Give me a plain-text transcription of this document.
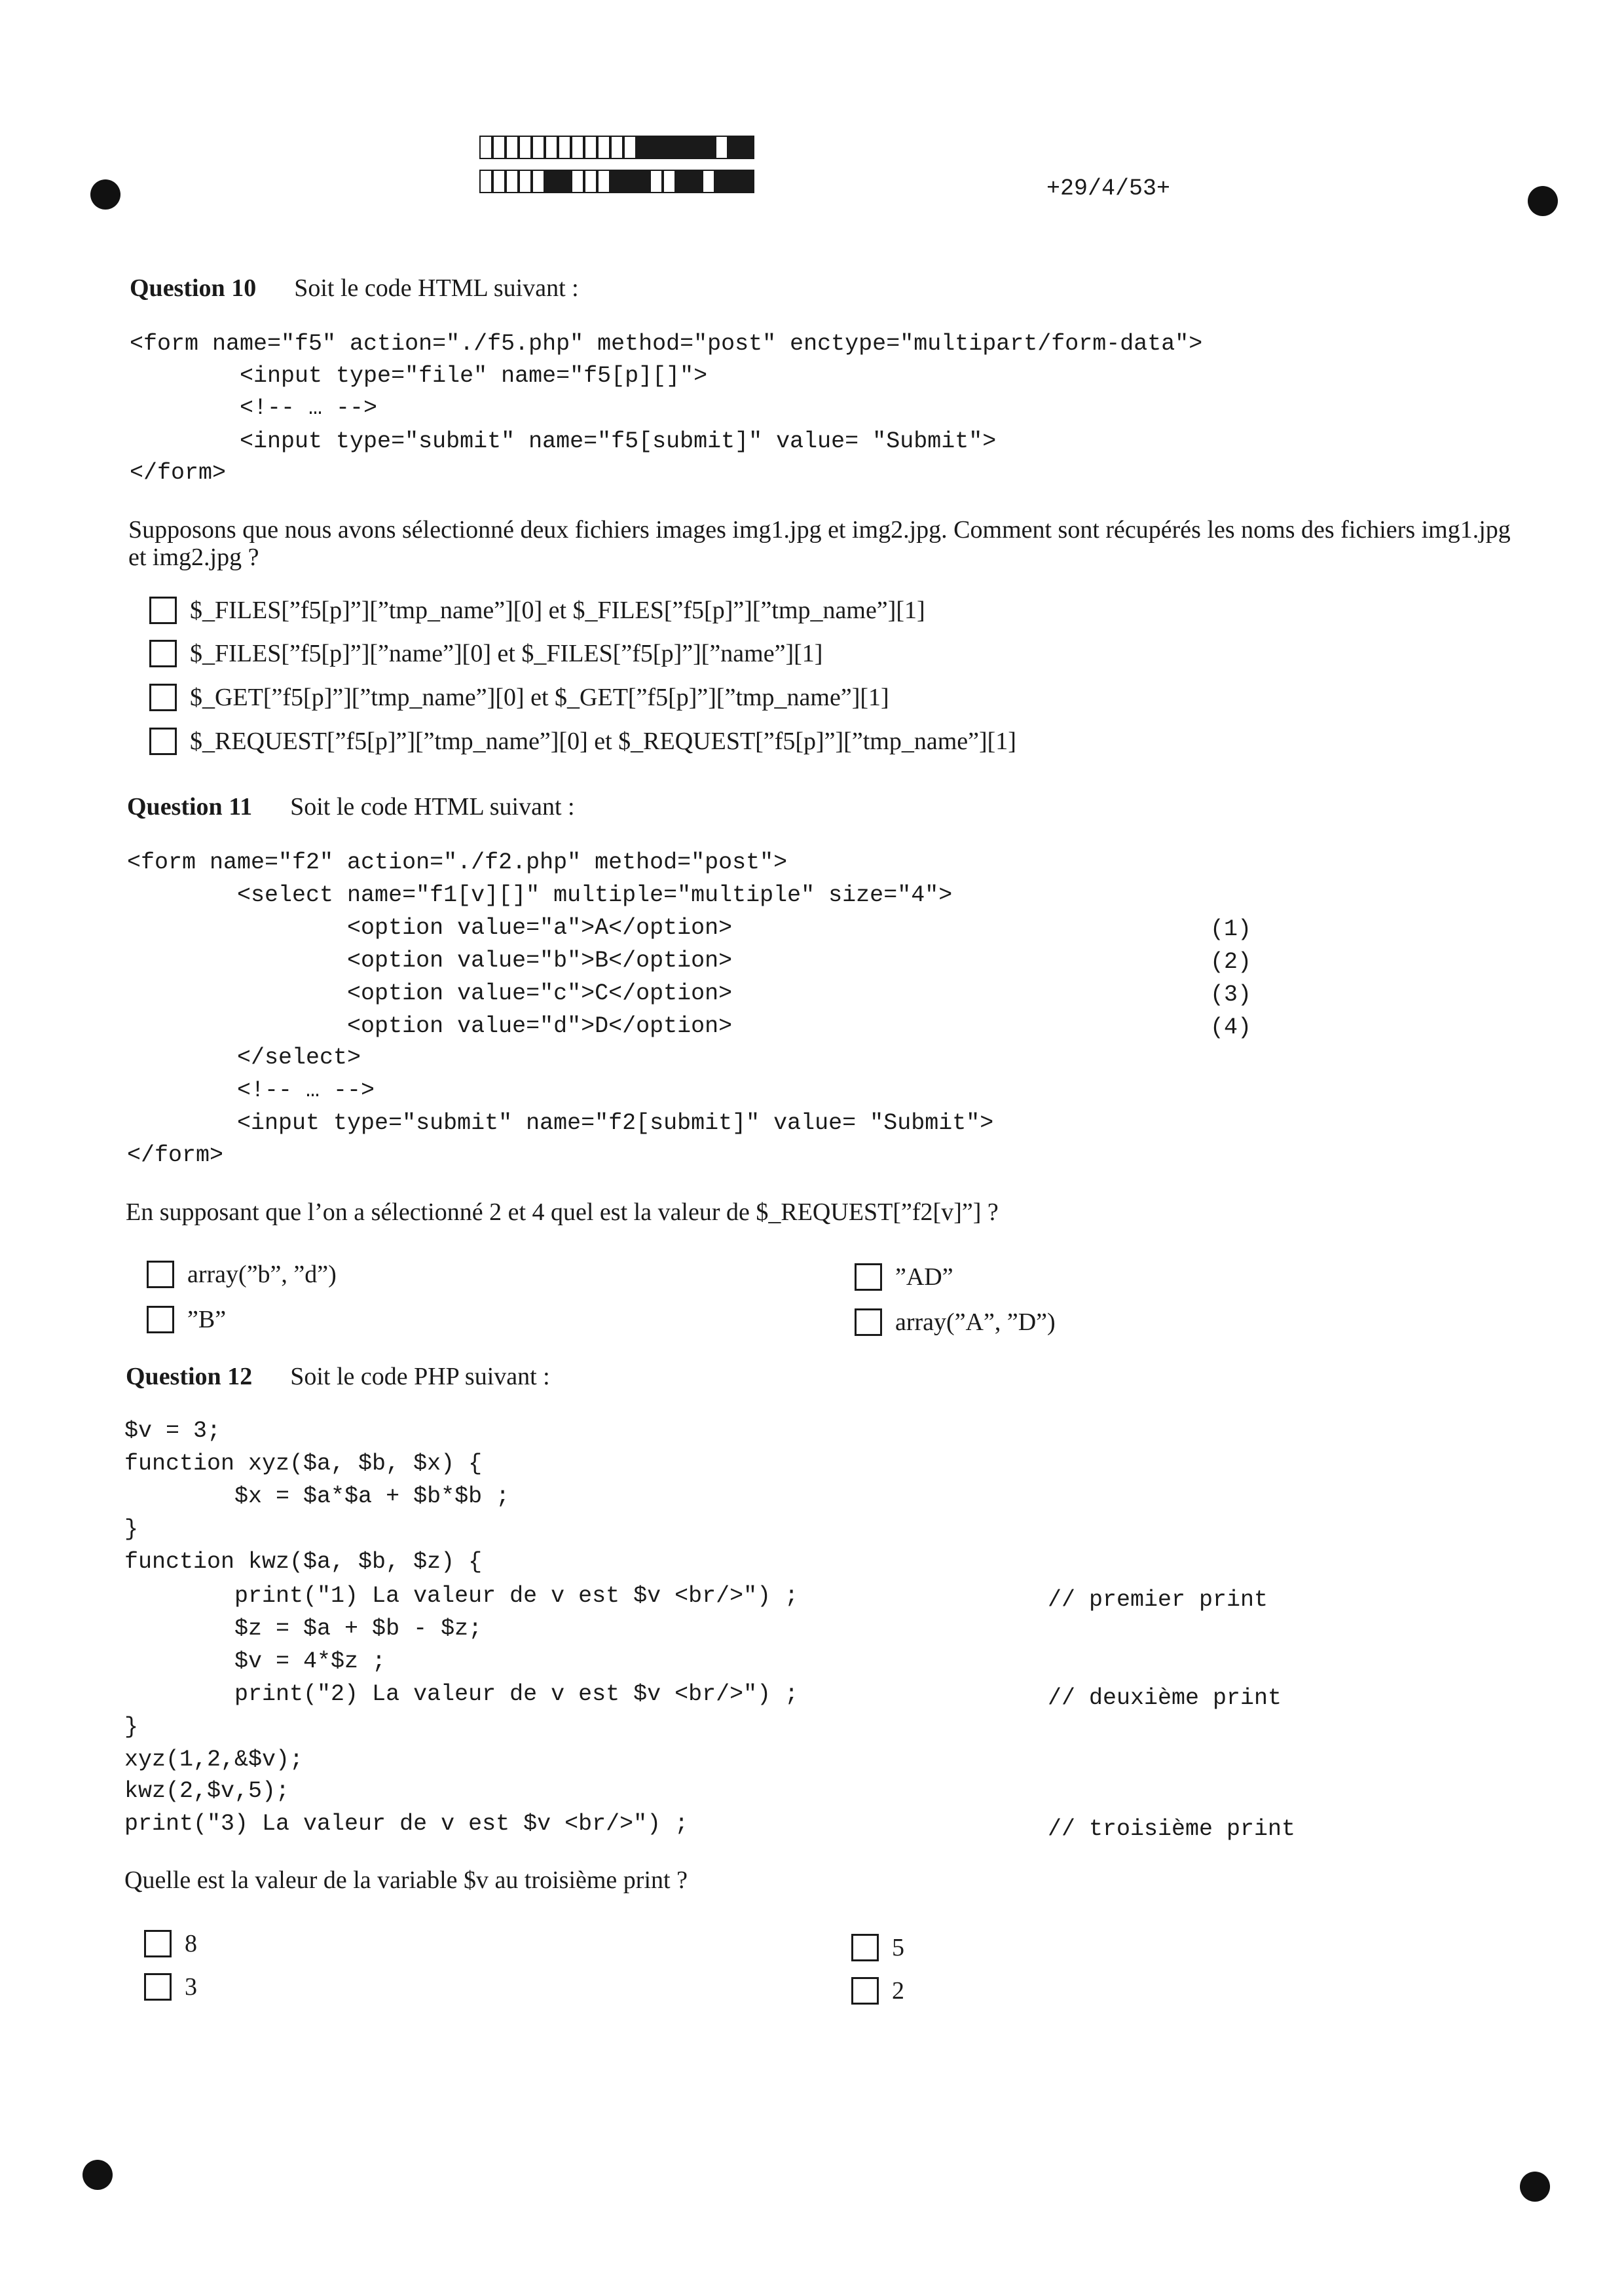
+29/4/53+
Question 10 Soit le code HTML suivant :
<form name="f5" action="./f5.php" method="post" enctype="multipart/form-data">
<input type="file" name="f5[p][]">
<!-- … -->
<input type="submit" name="f5[submit]" value= "Submit">
</form>
Supposons que nous avons sélectionné deux fichiers images img1.jpg et img2.jpg. Comment sont récupérés les noms des fichiers img1.jpg et img2.jpg ?
$_FILES[”f5[p]”][”tmp_name”][0] et $_FILES[”f5[p]”][”tmp_name”][1]
$_FILES[”f5[p]”][”name”][0] et $_FILES[”f5[p]”][”name”][1]
$_GET[”f5[p]”][”tmp_name”][0] et $_GET[”f5[p]”][”tmp_name”][1]
$_REQUEST[”f5[p]”][”tmp_name”][0] et $_REQUEST[”f5[p]”][”tmp_name”][1]
Question 11 Soit le code HTML suivant :
<form name="f2" action="./f2.php" method="post">
<select name="f1[v][]" multiple="multiple" size="4">
<option value="a">A</option>
<option value="b">B</option>
<option value="c">C</option>
<option value="d">D</option>
</select>
<!-- … -->
<input type="submit" name="f2[submit]" value= "Submit">
</form>
(1)
(2)
(3)
(4)
En supposant que l’on a sélectionné 2 et 4 quel est la valeur de $_REQUEST[”f2[v]”] ?
array(”b”, ”d”)
”B”
”AD”
array(”A”, ”D”)
Question 12 Soit le code PHP suivant :
$v = 3;
function xyz($a, $b, $x) {
$x = $a*$a + $b*$b ;
}
function kwz($a, $b, $z) {
print("1) La valeur de v est $v <br/>") ;
$z = $a + $b - $z;
$v = 4*$z ;
print("2) La valeur de v est $v <br/>") ;
}
xyz(1,2,&$v);
kwz(2,$v,5);
print("3) La valeur de v est $v <br/>") ;
// premier print
// deuxième print
// troisième print
Quelle est la valeur de la variable $v au troisième print ?
8
3
5
2
